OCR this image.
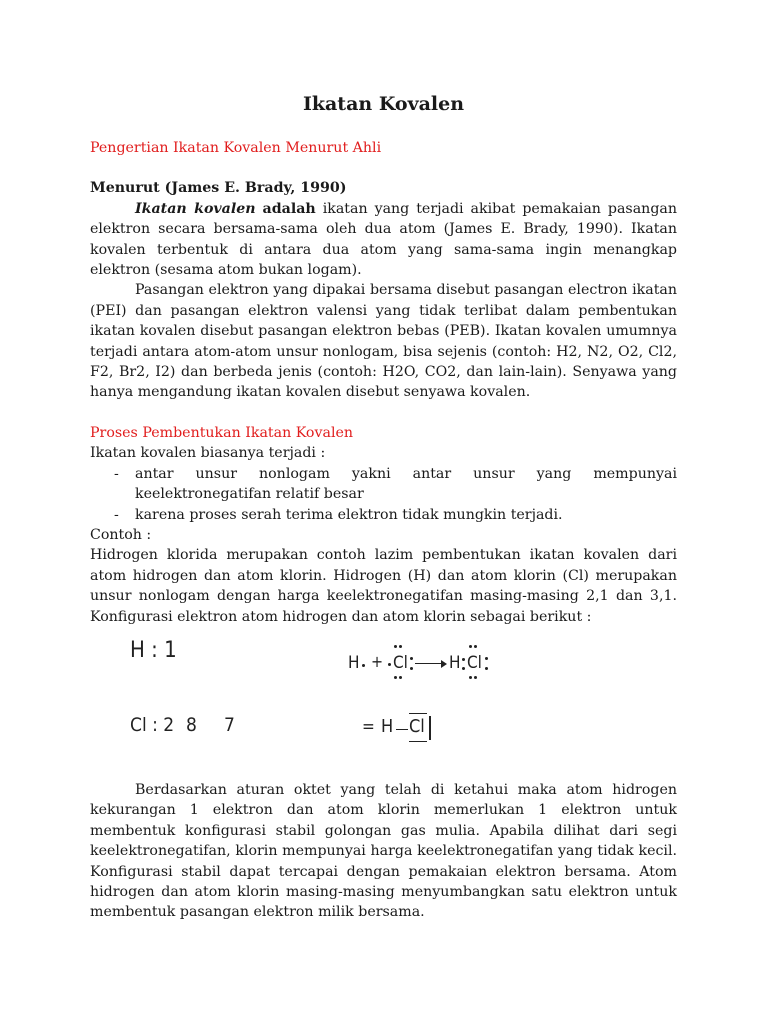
Ikatan Kovalen
Pengertian Ikatan Kovalen Menurut Ahli
Menurut (James E. Brady, 1990)

Ikatan kovalen adalah ikatan yang terjadi akibat pemakaian pasangan elektron secara bersama-sama oleh dua atom (James E. Brady, 1990). Ikatan kovalen terbentuk di antara dua atom yang sama-sama ingin menangkap elektron (sesama atom bukan logam).

Pasangan elektron yang dipakai bersama disebut pasangan electron ikatan (PEI) dan pasangan elektron valensi yang tidak terlibat dalam pembentukan ikatan kovalen disebut pasangan elektron bebas (PEB). Ikatan kovalen umumnya terjadi antara atom-atom unsur nonlogam, bisa sejenis (contoh: H2, N2, O2, Cl2, F2, Br2, I2) dan berbeda jenis (contoh: H2O, CO2, dan lain-lain). Senyawa yang hanya mengandung ikatan kovalen disebut senyawa kovalen.

Proses Pembentukan Ikatan Kovalen
Ikatan kovalen biasanya terjadi :
- antar unsur nonlogam yakni antar unsur yang mempunyai keelektronegatifan relatif besar
- karena proses serah terima elektron tidak mungkin terjadi.
Contoh :

Hidrogen klorida merupakan contoh lazim pembentukan ikatan kovalen dari atom hidrogen dan atom klorin. Hidrogen (H) dan atom klorin (Cl) merupakan unsur nonlogam dengan harga keelektronegatifan masing-masing 2,1 dan 3,1. Konfigurasi elektron atom hidrogen dan atom klorin sebagai berikut :

H : 1
Cl : 2 8 7
H + Cl H Cl
= H Cl

Berdasarkan aturan oktet yang telah di ketahui maka atom hidrogen kekurangan 1 elektron dan atom klorin memerlukan 1 elektron untuk membentuk konfigurasi stabil golongan gas mulia. Apabila dilihat dari segi keelektronegatifan, klorin mempunyai harga keelektronegatifan yang tidak kecil. Konfigurasi stabil dapat tercapai dengan pemakaian elektron bersama. Atom hidrogen dan atom klorin masing-masing menyumbangkan satu elektron untuk membentuk pasangan elektron milik bersama.
